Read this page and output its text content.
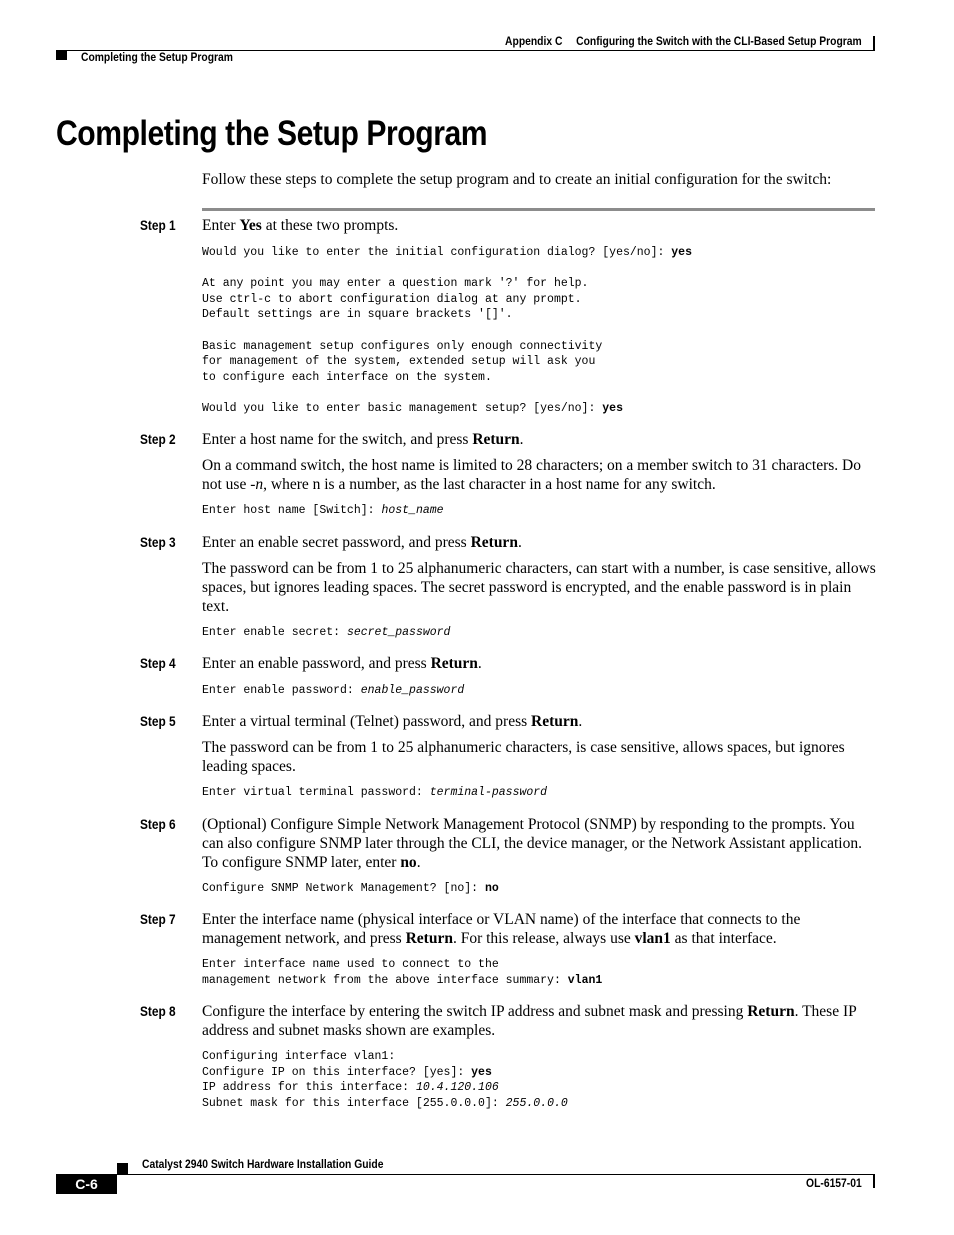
Appendix C Configuring the Switch with the CLI-Based Setup Program
Completing the Setup Program
Completing the Setup Program
Follow these steps to complete the setup program and to create an initial configuration for the switch:
Step 1 Enter Yes at these two prompts.
Would you like to enter the initial configuration dialog? [yes/no]: yes

At any point you may enter a question mark '?' for help.
Use ctrl-c to abort configuration dialog at any prompt.
Default settings are in square brackets '[]'.

Basic management setup configures only enough connectivity
for management of the system, extended setup will ask you
to configure each interface on the system.

Would you like to enter basic management setup? [yes/no]: yes
Step 2 Enter a host name for the switch, and press Return.
On a command switch, the host name is limited to 28 characters; on a member switch to 31 characters. Do not use -n, where n is a number, as the last character in a host name for any switch.
Enter host name [Switch]: host_name
Step 3 Enter an enable secret password, and press Return.
The password can be from 1 to 25 alphanumeric characters, can start with a number, is case sensitive, allows spaces, but ignores leading spaces. The secret password is encrypted, and the enable password is in plain text.
Enter enable secret: secret_password
Step 4 Enter an enable password, and press Return.
Enter enable password: enable_password
Step 5 Enter a virtual terminal (Telnet) password, and press Return.
The password can be from 1 to 25 alphanumeric characters, is case sensitive, allows spaces, but ignores leading spaces.
Enter virtual terminal password: terminal-password
Step 6 (Optional) Configure Simple Network Management Protocol (SNMP) by responding to the prompts. You can also configure SNMP later through the CLI, the device manager, or the Network Assistant application. To configure SNMP later, enter no.
Configure SNMP Network Management? [no]: no
Step 7 Enter the interface name (physical interface or VLAN name) of the interface that connects to the management network, and press Return. For this release, always use vlan1 as that interface.
Enter interface name used to connect to the
management network from the above interface summary: vlan1
Step 8 Configure the interface by entering the switch IP address and subnet mask and pressing Return. These IP address and subnet masks shown are examples.
Configuring interface vlan1:
Configure IP on this interface? [yes]: yes
IP address for this interface: 10.4.120.106
Subnet mask for this interface [255.0.0.0]: 255.0.0.0
Catalyst 2940 Switch Hardware Installation Guide
C-6	OL-6157-01
